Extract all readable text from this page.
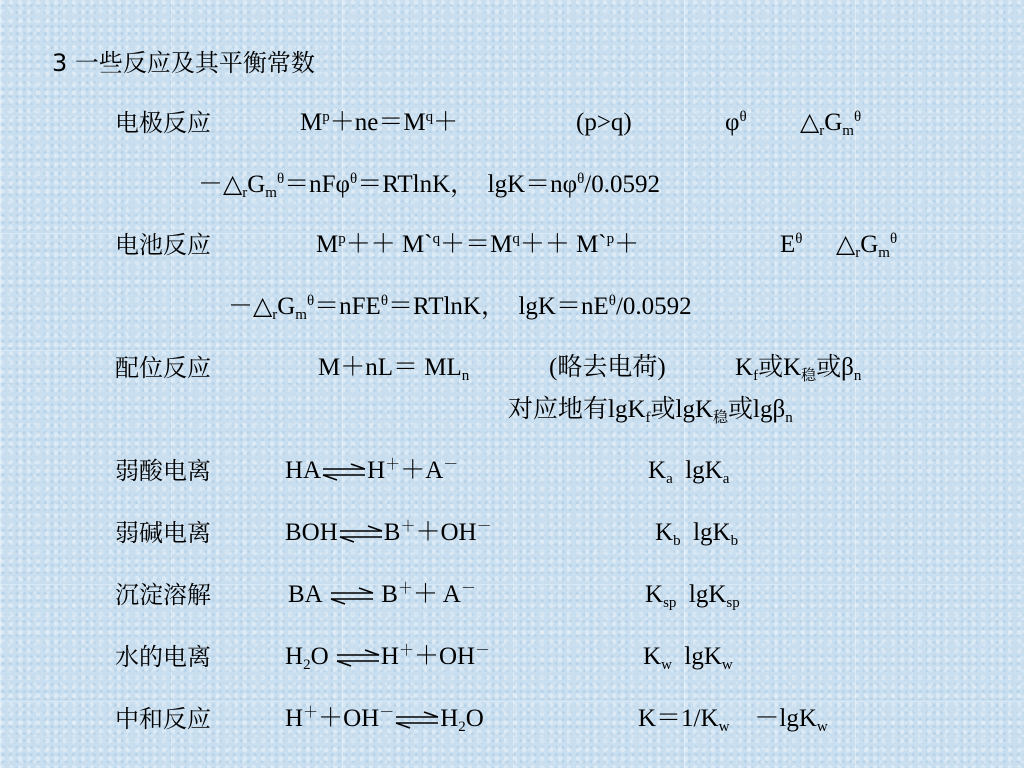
3 一些反应及其平衡常数
电极反应	$M^p+ne=M^q+$	(p>q)	$\varphi^\theta$ $\triangle_rG_m^\theta$
$-\triangle_rG_m^\theta=nF\varphi^\theta=RTlnK$， $\lg K=n\varphi^\theta/0.0592$
电池反应	$M^p++$ $M`^q+=M^q++$ M`$^p$＋	$E^\theta$ $\triangle_rG_m^\theta$
$-\triangle_rG_m^\theta=nFE^\theta=RTlnK$， $\lg K=nE^\theta/0.0592$
配位反应	$M+nL= ML_n$	(略去电荷)	$K_f$或$K_稳$或$\beta_n$
对应地有lgK$_f$或lgK$_稳$或lgβ$_n$
弱酸电离	HA⇌H＋＋A－	$K_a$ lgK$_a$
弱碱电离	BOH⇌B＋＋OH－	$K_b$ lgK$_b$
沉淀溶解	BA ⇌ B＋＋ A－	$K_{sp}$ lgK$_{sp}$
水的电离	$H_2O$ ⇌H＋＋OH－	$K_w$ lgK$_w$
中和反应	$H^++OH^-\rightleftharpoons H_2O$	$K=1/K_w -\lg K_w$
